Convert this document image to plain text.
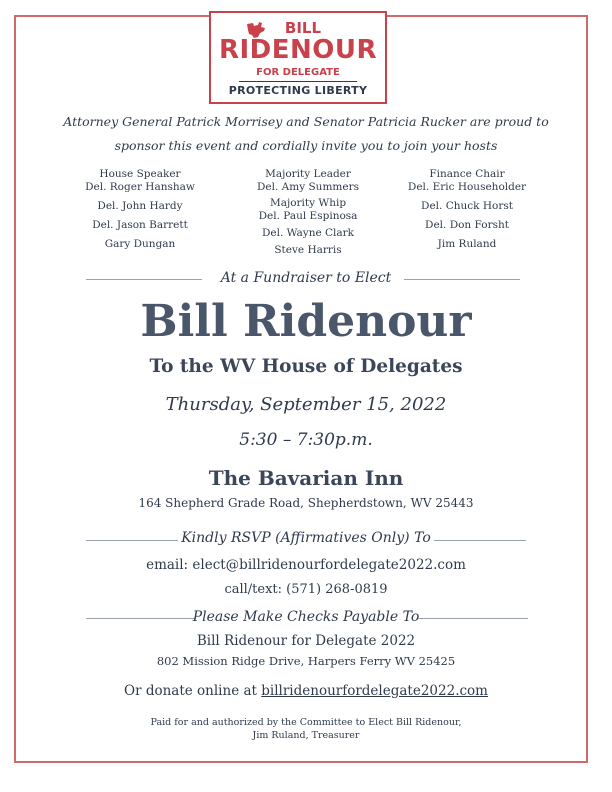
BILL
RIDENOUR
FOR DELEGATE
PROTECTING LIBERTY
Attorney General Patrick Morrisey and Senator Patricia Rucker are proud to
sponsor this event and cordially invite you to join your hosts
House Speaker
Del. Roger Hanshaw
Del. John Hardy
Del. Jason Barrett
Gary Dungan
Majority Leader
Del. Amy Summers
Majority Whip
Del. Paul Espinosa
Del. Wayne Clark
Steve Harris
Finance Chair
Del. Eric Householder
Del. Chuck Horst
Del. Don Forsht
Jim Ruland
At a Fundraiser to Elect
Bill Ridenour
To the WV House of Delegates
Thursday, September 15, 2022
5:30 – 7:30p.m.
The Bavarian Inn
164 Shepherd Grade Road, Shepherdstown, WV 25443
Kindly RSVP (Affirmatives Only) To
email: elect@billridenourfordelegate2022.com
call/text: (571) 268-0819
Please Make Checks Payable To
Bill Ridenour for Delegate 2022
802 Mission Ridge Drive, Harpers Ferry WV 25425
Or donate online at billridenourfordelegate2022.com
Paid for and authorized by the Committee to Elect Bill Ridenour,
Jim Ruland, Treasurer
